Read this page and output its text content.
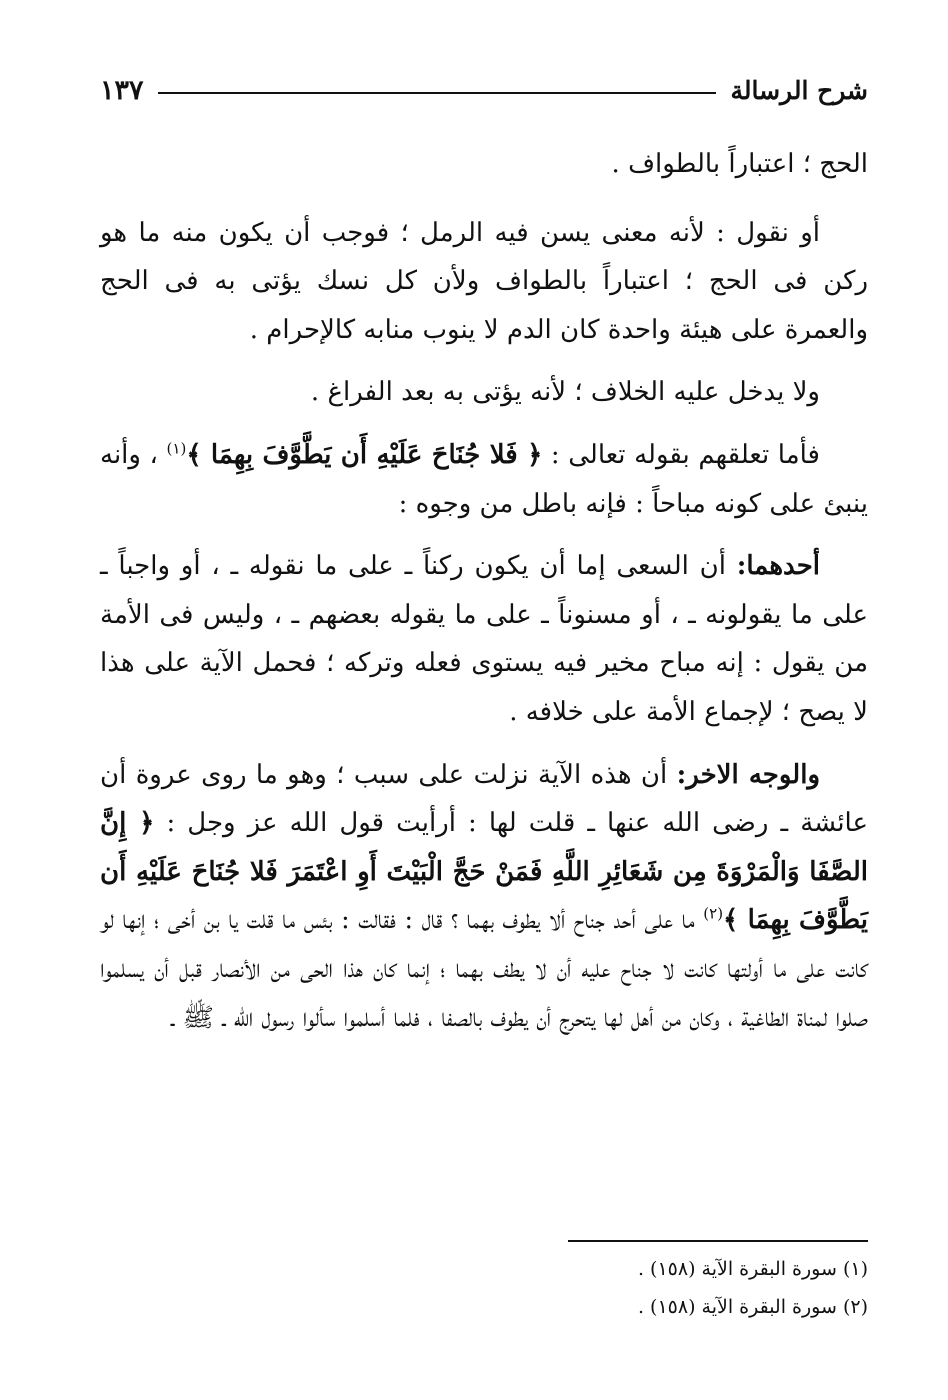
شرح الرسالة
١٣٧

الحج ؛ اعتباراً بالطواف .

أو نقول : لأنه معنى يسن فيه الرمل ؛ فوجب أن يكون منه ما هو ركن فى الحج ؛ اعتباراً بالطواف ولأن كل نسك يؤتى به فى الحج والعمرة على هيئة واحدة كان الدم لا ينوب منابه كالإحرام .

ولا يدخل عليه الخلاف ؛ لأنه يؤتى به بعد الفراغ .

فأما تعلقهم بقوله تعالى : ﴿ فَلا جُنَاحَ عَلَيْهِ أَن يَطَّوَّفَ بِهِمَا ﴾$^{(١)}$ ، وأنه ينبئ على كونه مباحاً : فإنه باطل من وجوه :

أحدهما: أن السعى إما أن يكون ركناً ـ على ما نقوله ـ ، أو واجباً ـ على ما يقولونه ـ ، أو مسنوناً ـ على ما يقوله بعضهم ـ ، وليس فى الأمة من يقول : إنه مباح مخير فيه يستوى فعله وتركه ؛ فحمل الآية على هذا لا يصح ؛ لإجماع الأمة على خلافه .

والوجه الاخر: أن هذه الآية نزلت على سبب ؛ وهو ما روى عروة أن عائشة ـ رضى الله عنها ـ قلت لها : أرأيت قول الله عز وجل : ﴿ إِنَّ الصَّفَا وَالْمَرْوَةَ مِن شَعَائِرِ اللَّهِ فَمَنْ حَجَّ الْبَيْتَ أَوِ اعْتَمَرَ فَلا جُنَاحَ عَلَيْهِ أَن يَطَّوَّفَ بِهِمَا ﴾$^{(٢)}$ ما على أحد جناح ألا يطوف بهما ؟ قال : فقالت : بئس ما قلت يا بن أخى ؛ إنها لو كانت على ما أولتها كانت لا جناح عليه أن لا يطف بهما ؛ إنما كان هذا الحى من الأنصار قبل أن يسلموا صلوا لمناة الطاغية ، وكان من أهل لها يتحرج أن يطوف بالصفا ، فلما أسلموا سألوا رسول الله ـ ﷺ ـ

(١) سورة البقرة الآية (١٥٨) .
(٢) سورة البقرة الآية (١٥٨) .
